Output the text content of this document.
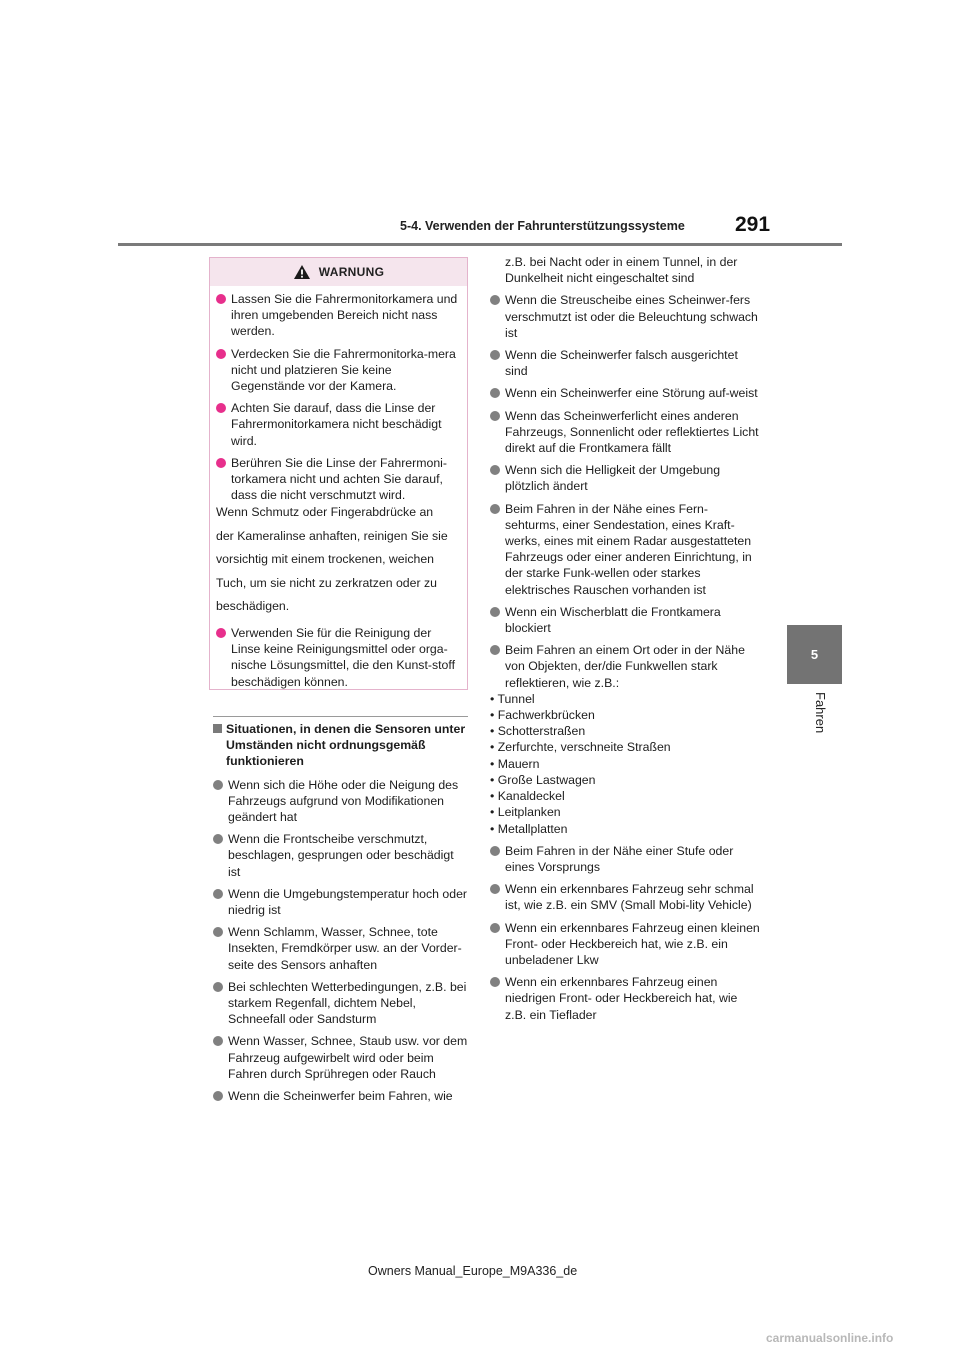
5-4. Verwenden der Fahrunterstützungssysteme	291
5
Fahren
WARNUNG
Lassen Sie die Fahrermonitorkamera und ihren umgebenden Bereich nicht nass werden.
Verdecken Sie die Fahrermonitorka-mera nicht und platzieren Sie keine Gegenstände vor der Kamera.
Achten Sie darauf, dass die Linse der Fahrermonitorkamera nicht beschädigt wird.
Berühren Sie die Linse der Fahrermoni-torkamera nicht und achten Sie darauf, dass die nicht verschmutzt wird.
Wenn Schmutz oder Fingerabdrücke an
der Kameralinse anhaften, reinigen Sie sie
vorsichtig mit einem trockenen, weichen
Tuch, um sie nicht zu zerkratzen oder zu
beschädigen.
Verwenden Sie für die Reinigung der Linse keine Reinigungsmittel oder orga-nische Lösungsmittel, die den Kunst-stoff beschädigen können.
Situationen, in denen die Sensoren unter Umständen nicht ordnungsgemäß funktionieren
Wenn sich die Höhe oder die Neigung des Fahrzeugs aufgrund von Modifikationen geändert hat
Wenn die Frontscheibe verschmutzt, beschlagen, gesprungen oder beschädigt ist
Wenn die Umgebungstemperatur hoch oder niedrig ist
Wenn Schlamm, Wasser, Schnee, tote Insekten, Fremdkörper usw. an der Vorder-seite des Sensors anhaften
Bei schlechten Wetterbedingungen, z.B. bei starkem Regenfall, dichtem Nebel, Schneefall oder Sandsturm
Wenn Wasser, Schnee, Staub usw. vor dem Fahrzeug aufgewirbelt wird oder beim Fahren durch Sprühregen oder Rauch
Wenn die Scheinwerfer beim Fahren, wie
z.B. bei Nacht oder in einem Tunnel, in der Dunkelheit nicht eingeschaltet sind
Wenn die Streuscheibe eines Scheinwer-fers verschmutzt ist oder die Beleuchtung schwach ist
Wenn die Scheinwerfer falsch ausgerichtet sind
Wenn ein Scheinwerfer eine Störung auf-weist
Wenn das Scheinwerferlicht eines anderen Fahrzeugs, Sonnenlicht oder reflektiertes Licht direkt auf die Frontkamera fällt
Wenn sich die Helligkeit der Umgebung plötzlich ändert
Beim Fahren in der Nähe eines Fern-sehturms, einer Sendestation, eines Kraft-werks, eines mit einem Radar ausgestatteten Fahrzeugs oder einer anderen Einrichtung, in der starke Funk-wellen oder starkes elektrisches Rauschen vorhanden ist
Wenn ein Wischerblatt die Frontkamera blockiert
Beim Fahren an einem Ort oder in der Nähe von Objekten, der/die Funkwellen stark reflektieren, wie z.B.:
• Tunnel
• Fachwerkbrücken
• Schotterstraßen
• Zerfurchte, verschneite Straßen
• Mauern
• Große Lastwagen
• Kanaldeckel
• Leitplanken
• Metallplatten
Beim Fahren in der Nähe einer Stufe oder eines Vorsprungs
Wenn ein erkennbares Fahrzeug sehr schmal ist, wie z.B. ein SMV (Small Mobi-lity Vehicle)
Wenn ein erkennbares Fahrzeug einen kleinen Front- oder Heckbereich hat, wie z.B. ein unbeladener Lkw
Wenn ein erkennbares Fahrzeug einen niedrigen Front- oder Heckbereich hat, wie z.B. ein Tieflader
Owners Manual_Europe_M9A336_de
carmanualsonline.info
